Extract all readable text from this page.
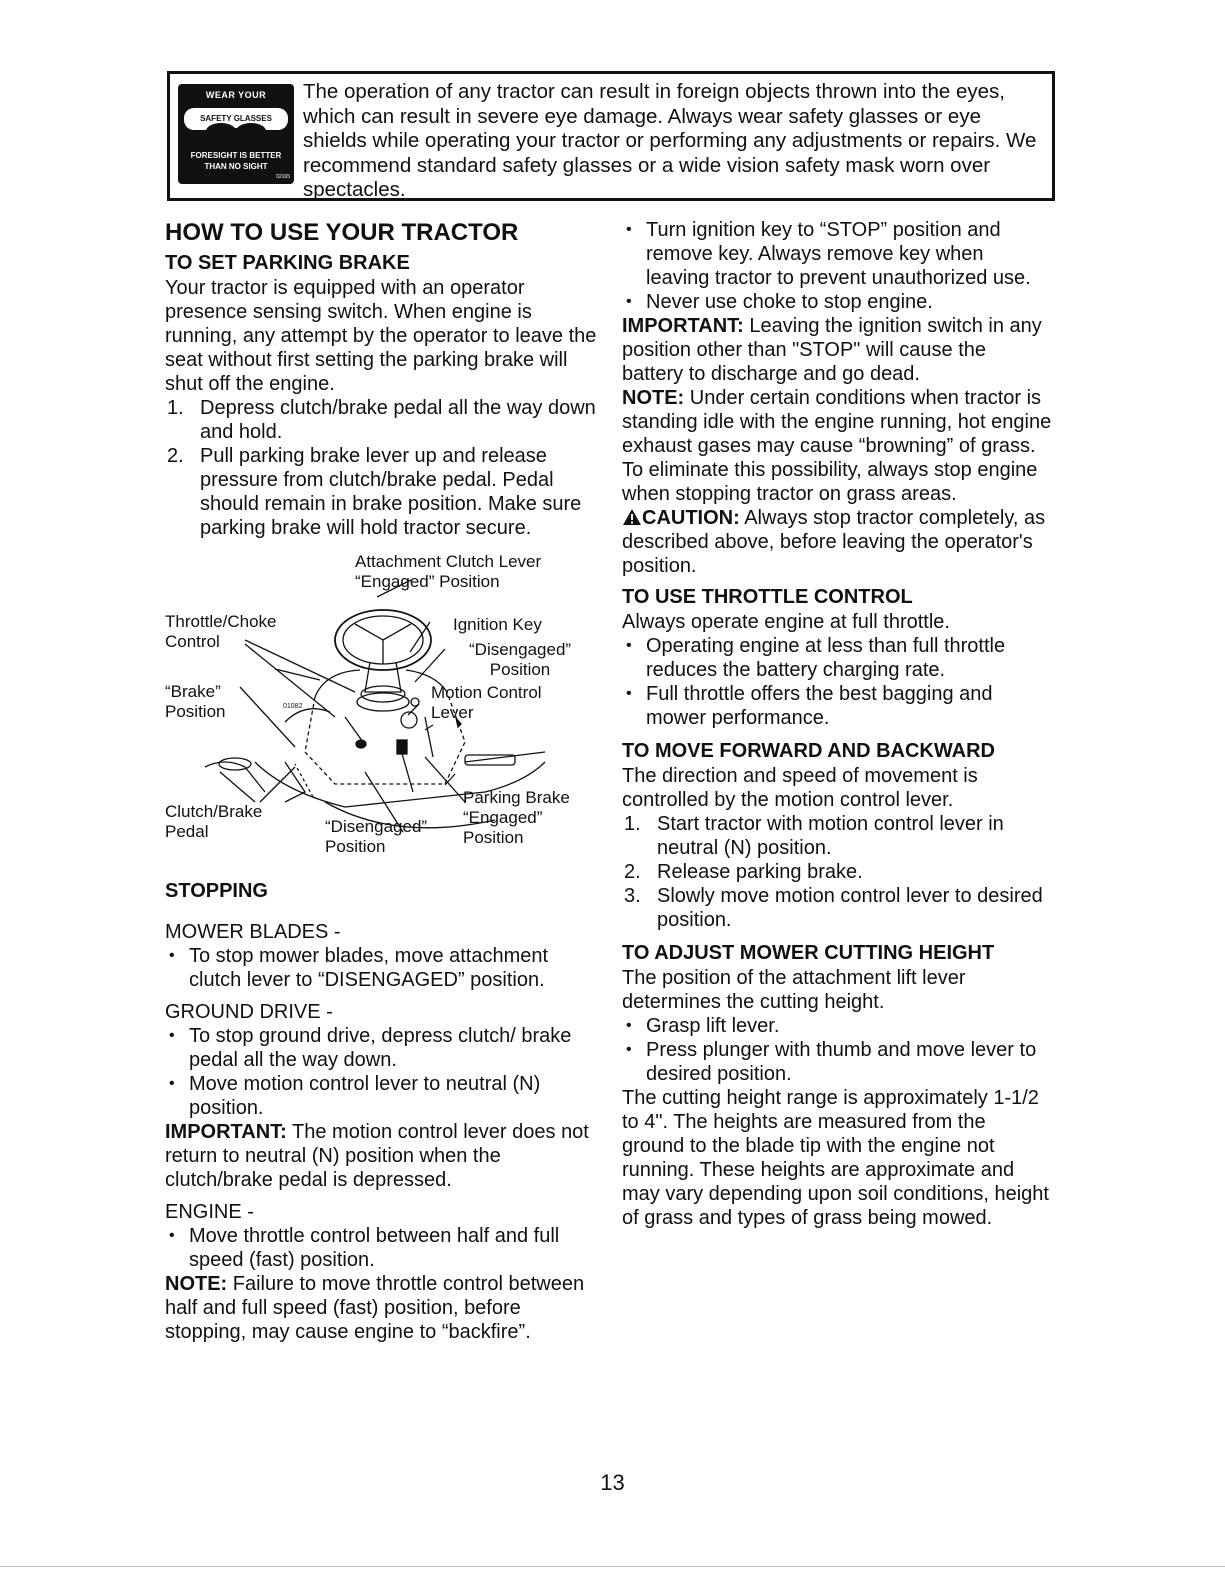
WEAR YOUR
SAFETY GLASSES
FORESIGHT IS BETTER
THAN NO SIGHT
02165
The operation of any tractor can result in foreign objects thrown into the eyes, which can result in severe eye damage. Always wear safety glasses or eye shields while operating your tractor or performing any adjustments or repairs. We recommend standard safety glasses or a wide vision safety mask worn over spectacles.
HOW TO USE YOUR TRACTOR
TO SET PARKING BRAKE

Your tractor is equipped with an operator presence sensing switch. When engine is running, any attempt by the operator to leave the seat without first setting the parking brake will shut off the engine.

1. Depress clutch/brake pedal all the way down and hold.
2. Pull parking brake lever up and release pressure from clutch/brake pedal. Pedal should remain in brake position. Make sure parking brake will hold tractor secure.
Attachment Clutch Lever
“Engaged” Position
Throttle/Choke
Control
Ignition Key
“Disengaged”
Position
“Brake”
Position
Motion Control
Lever
Parking Brake
“Engaged”
Position
Clutch/Brake
Pedal	“Disengaged”
Position
01082
STOPPING

MOWER BLADES -

• To stop mower blades, move attachment clutch lever to “DISENGAGED” position.

GROUND DRIVE -

• To stop ground drive, depress clutch/ brake pedal all the way down.
• Move motion control lever to neutral (N) position.

IMPORTANT: The motion control lever does not return to neutral (N) position when the clutch/brake pedal is depressed.

ENGINE -

• Move throttle control between half and full speed (fast) position.

NOTE: Failure to move throttle control between half and full speed (fast) position, before stopping, may cause engine to “backfire”.

• Turn ignition key to “STOP” position and remove key. Always remove key when leaving tractor to prevent unauthorized use.
• Never use choke to stop engine.

IMPORTANT: Leaving the ignition switch in any position other than "STOP" will cause the battery to discharge and go dead.

NOTE: Under certain conditions when tractor is standing idle with the engine running, hot engine exhaust gases may cause “browning” of grass. To eliminate this possibility, always stop engine when stopping tractor on grass areas.

CAUTION: Always stop tractor completely, as described above, before leaving the operator's position.

TO USE THROTTLE CONTROL

Always operate engine at full throttle.

• Operating engine at less than full throttle reduces the battery charging rate.
• Full throttle offers the best bagging and mower performance.
TO MOVE FORWARD AND BACKWARD

The direction and speed of movement is controlled by the motion control lever.

1. Start tractor with motion control lever in neutral (N) position.
2. Release parking brake.
3. Slowly move motion control lever to desired position.
TO ADJUST MOWER CUTTING HEIGHT

The position of the attachment lift lever determines the cutting height.

• Grasp lift lever.
• Press plunger with thumb and move lever to desired position.

The cutting height range is approximately 1-1/2 to 4". The heights are measured from the ground to the blade tip with the engine not running. These heights are approximate and may vary depending upon soil conditions, height of grass and types of grass being mowed.

13
